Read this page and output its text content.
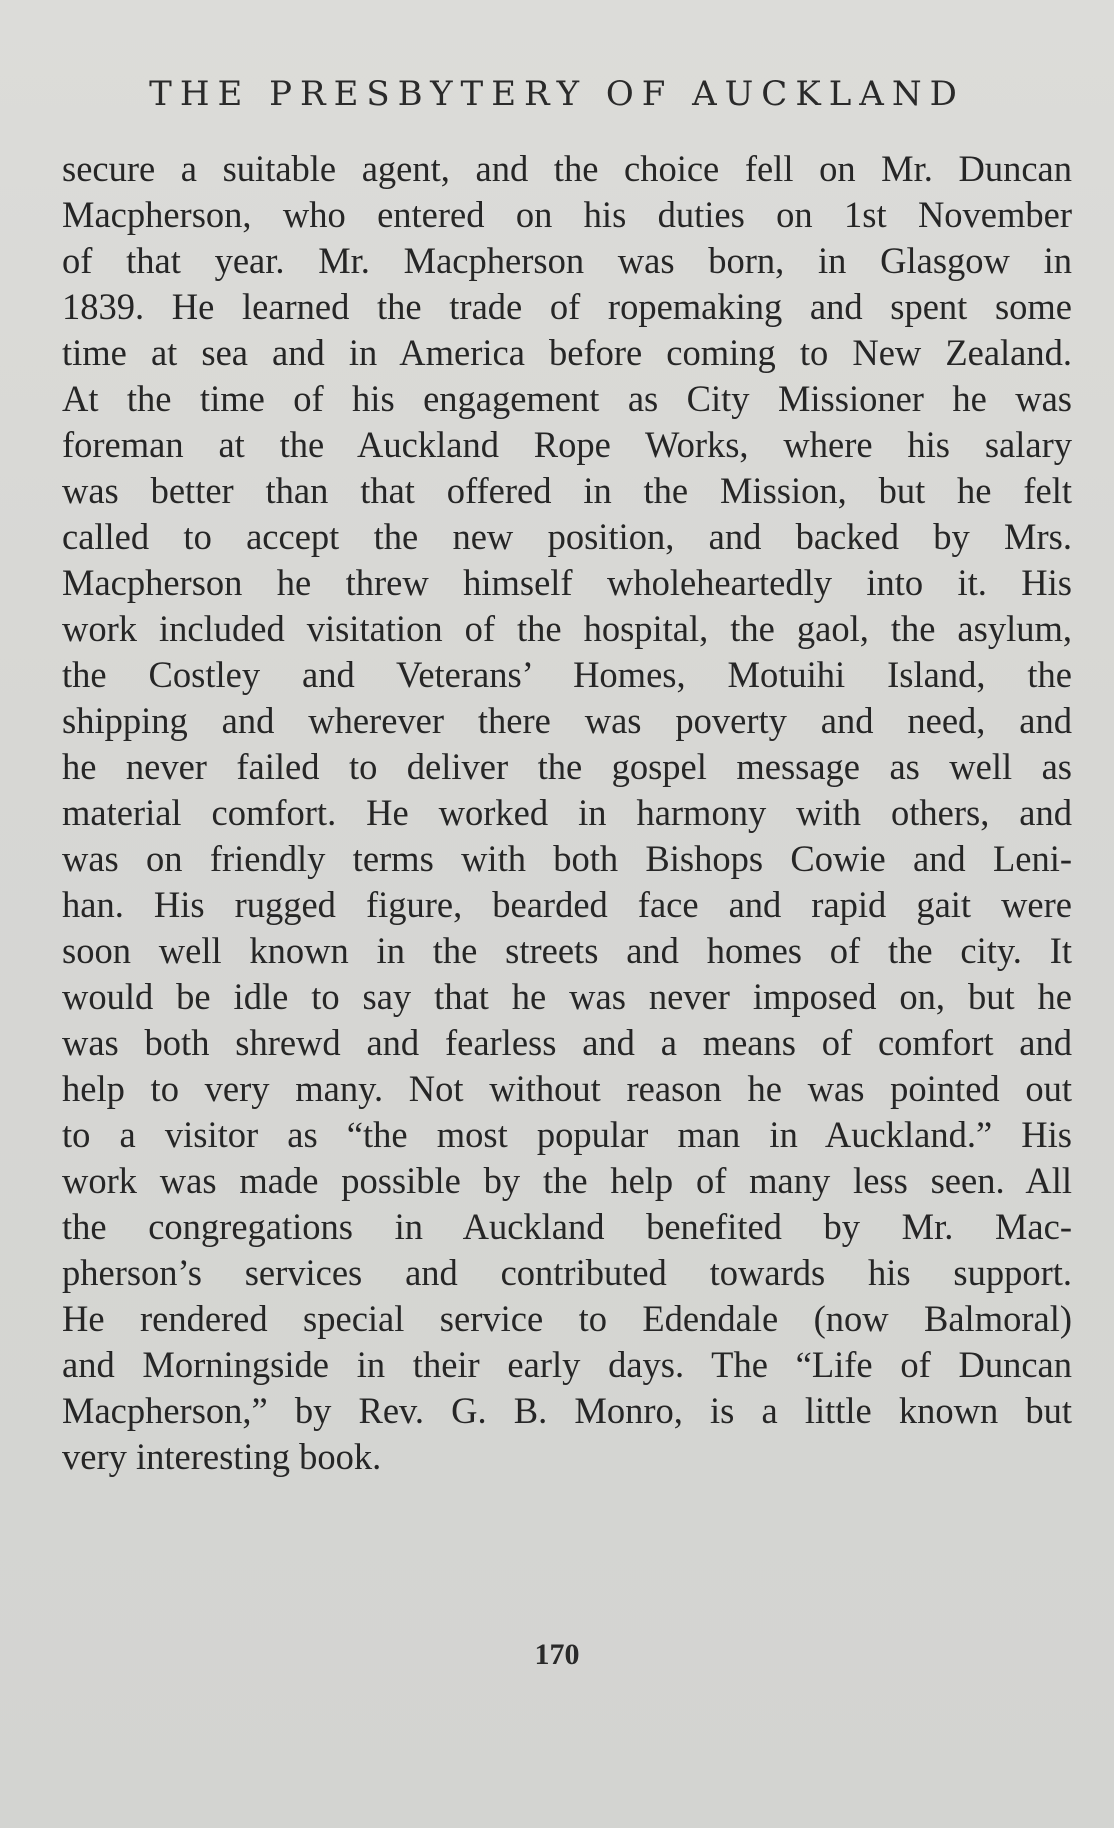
THE PRESBYTERY OF AUCKLAND
secure a suitable agent, and the choice fell on Mr. Duncan
Macpherson, who entered on his duties on 1st November
of that year. Mr. Macpherson was born, in Glasgow in
1839. He learned the trade of ropemaking and spent some
time at sea and in America before coming to New Zealand.
At the time of his engagement as City Missioner he was
foreman at the Auckland Rope Works, where his salary
was better than that offered in the Mission, but he felt
called to accept the new position, and backed by Mrs.
Macpherson he threw himself wholeheartedly into it. His
work included visitation of the hospital, the gaol, the asylum,
the Costley and Veterans’ Homes, Motuihi Island, the
shipping and wherever there was poverty and need, and
he never failed to deliver the gospel message as well as
material comfort. He worked in harmony with others, and
was on friendly terms with both Bishops Cowie and Leni-
han. His rugged figure, bearded face and rapid gait were
soon well known in the streets and homes of the city. It
would be idle to say that he was never imposed on, but he
was both shrewd and fearless and a means of comfort and
help to very many. Not without reason he was pointed out
to a visitor as “the most popular man in Auckland.” His
work was made possible by the help of many less seen. All
the congregations in Auckland benefited by Mr. Mac-
pherson’s services and contributed towards his support.
He rendered special service to Edendale (now Balmoral)
and Morningside in their early days. The “Life of Duncan
Macpherson,” by Rev. G. B. Monro, is a little known but
very interesting book.
170
